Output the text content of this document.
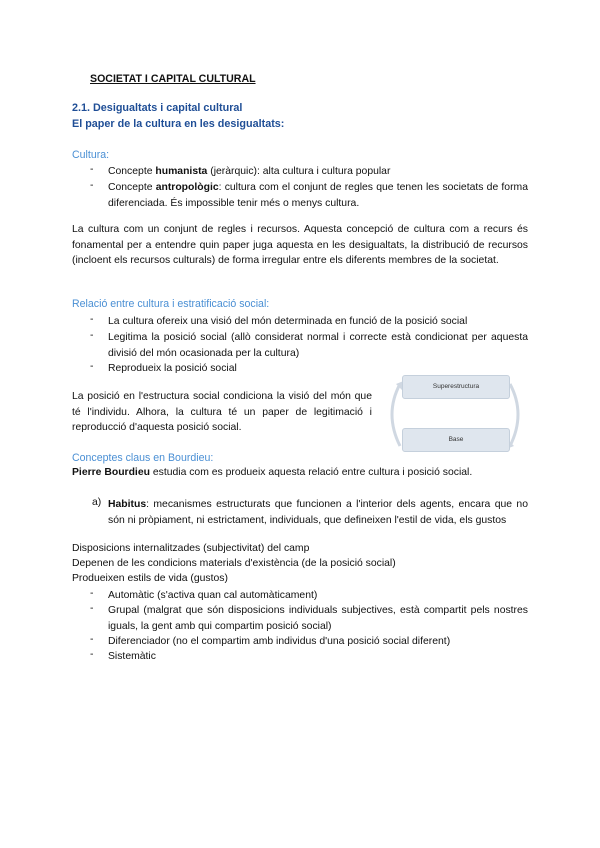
SOCIETAT I CAPITAL CULTURAL
2.1. Desigualtats i capital cultural
El paper de la cultura en les desigualtats:
Cultura:
- Concepte humanista (jeràrquic): alta cultura i cultura popular
- Concepte antropològic: cultura com el conjunt de regles que tenen les societats de forma diferenciada. És impossible tenir més o menys cultura.
La cultura com un conjunt de regles i recursos. Aquesta concepció de cultura com a recurs és fonamental per a entendre quin paper juga aquesta en les desigualtats, la distribució de recursos (incloent els recursos culturals) de forma irregular entre els diferents membres de la societat.
Relació entre cultura i estratificació social:
- La cultura ofereix una visió del món determinada en funció de la posició social
- Legitima la posició social (allò considerat normal i correcte està condicionat per aquesta divisió del món ocasionada per la cultura)
- Reprodueix la posició social
La posició en l'estructura social condiciona la visió del món que té l'individu. Alhora, la cultura té un paper de legitimació i reproducció d'aquesta posició social.
Superestructura
Base
Conceptes claus en Bourdieu:
Pierre Bourdieu estudia com es produeix aquesta relació entre cultura i posició social.
a) Habitus: mecanismes estructurats que funcionen a l'interior dels agents, encara que no són ni pròpiament, ni estrictament, individuals, que defineixen l'estil de vida, els gustos
Disposicions internalitzades (subjectivitat) del camp
Depenen de les condicions materials d'existència (de la posició social)
Produeixen estils de vida (gustos)
- Automàtic (s'activa quan cal automàticament)
- Grupal (malgrat que són disposicions individuals subjectives, està compartit pels nostres iguals, la gent amb qui compartim posició social)
- Diferenciador (no el compartim amb individus d'una posició social diferent)
- Sistemàtic
